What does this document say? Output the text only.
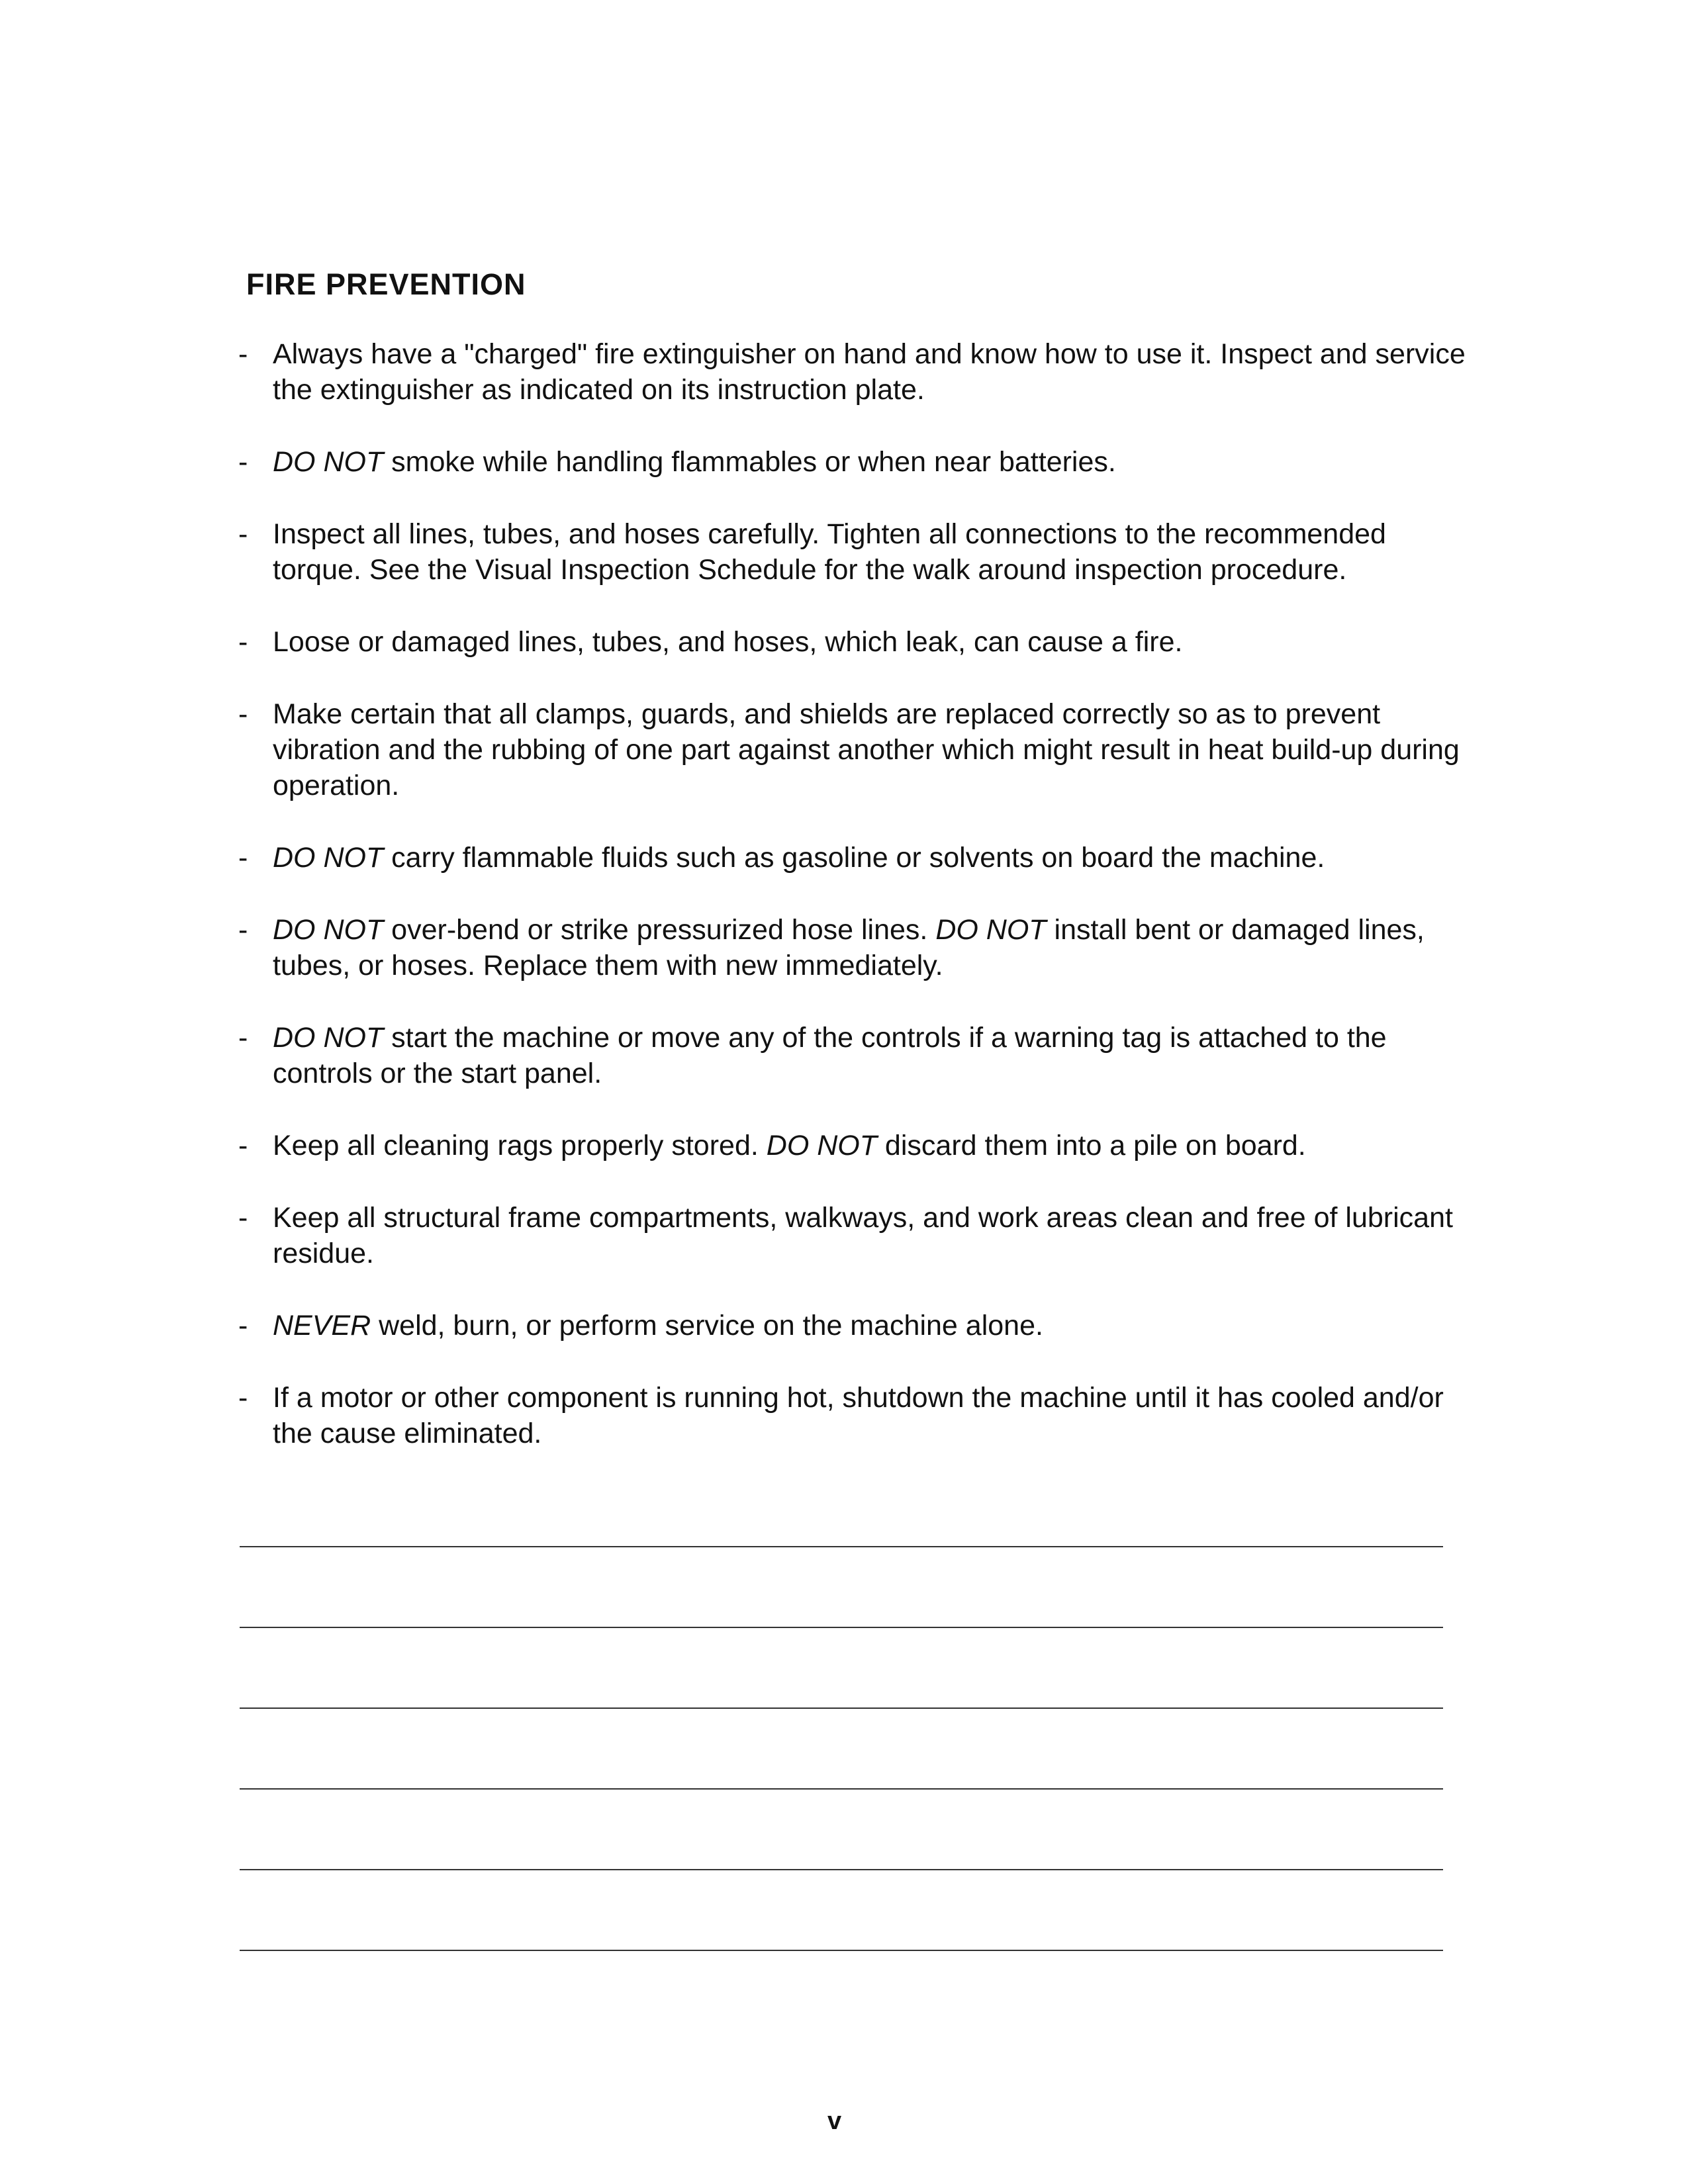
FIRE PREVENTION
- Always have a "charged" fire extinguisher on hand and know how to use it. Inspect and service the extinguisher as indicated on its instruction plate.
- DO NOT smoke while handling flammables or when near batteries.
- Inspect all lines, tubes, and hoses carefully. Tighten all connections to the recommended torque. See the Visual Inspection Schedule for the walk around inspection procedure.
- Loose or damaged lines, tubes, and hoses, which leak, can cause a fire.
- Make certain that all clamps, guards, and shields are replaced correctly so as to prevent vibration and the rubbing of one part against another which might result in heat build-up during operation.
- DO NOT carry flammable fluids such as gasoline or solvents on board the machine.
- DO NOT over-bend or strike pressurized hose lines. DO NOT install bent or damaged lines, tubes, or hoses. Replace them with new immediately.
- DO NOT start the machine or move any of the controls if a warning tag is attached to the controls or the start panel.
- Keep all cleaning rags properly stored. DO NOT discard them into a pile on board.
- Keep all structural frame compartments, walkways, and work areas clean and free of lubricant residue.
- NEVER weld, burn, or perform service on the machine alone.
- If a motor or other component is running hot, shutdown the machine until it has cooled and/or the cause eliminated.
v
